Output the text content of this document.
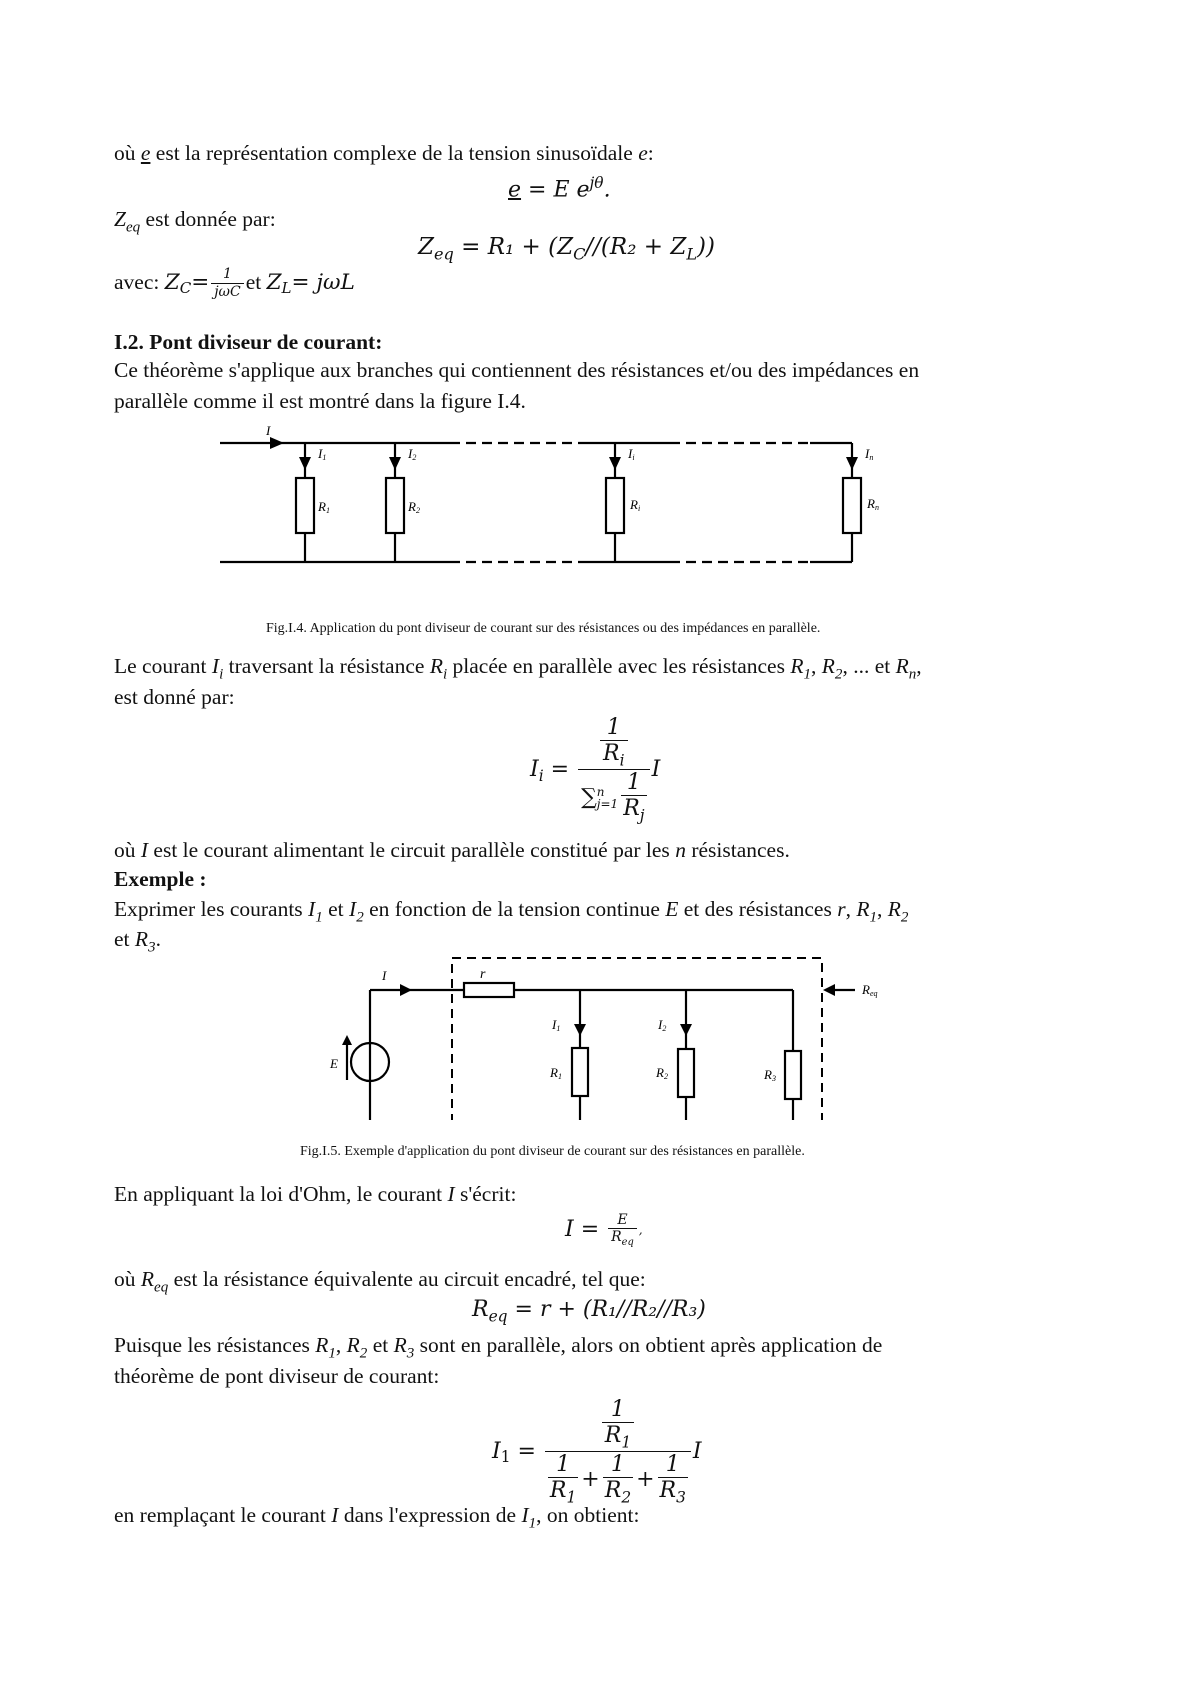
où e est la représentation complexe de la tension sinusoïdale e:
e = E $e^{j\theta}$.
$Z_{eq}$ est donnée par:
$Z_{eq} = R_1 + (Z_C//(R_2 + Z_L))$
avec:
$Z_C = \frac{1}{\text{jωC}}$ et
$Z_L = j\omega L$
I.2. Pont diviseur de courant:
Ce théorème s'applique aux branches qui contiennent des résistances et/ou des impédances en
parallèle comme il est montré dans la figure I.4.
I
I1	I2	Ii	In
R1	R2	Ri	Rn
Fig.I.4. Application du pont diviseur de courant sur des résistances ou des impédances en parallèle.
Le courant $I_i$ traversant la résistance $R_i$ placée en parallèle avec les résistances $R_1$, $R_2$, ... et $R_n$,
est donné par:
$I_i = \frac{1}{R_i}$
∑ n
j=1
1
$R_j$ I
où I est le courant alimentant le circuit parallèle constitué par les n résistances.
Exemple :
Exprimer les courants $I_1$ et $I_2$ en fonction de la tension continue E et des résistances r, $R_1$, $R_2$
et $R_3$.
I	r
E
I1	I2
R1	R2	R3
Req
Fig.I.5. Exemple d'application du pont diviseur de courant sur des résistances en parallèle.
En appliquant la loi d'Ohm, le courant I s'écrit:
$I = \frac{E}{R_{eq}}$ ,
où $R_{eq}$ est la résistance équivalente au circuit encadré, tel que:
$R_{eq} = r + (R_1//R_2//R_3)$
Puisque les résistances $R_1$, $R_2$ et $R_3$ sont en parallèle, alors on obtient après application de
théorème de pont diviseur de courant:
$I_1 = 1$
$R_1$
1
$R_1$
+ $\frac{1}{R_2} + \frac{1}{R_3}$ I
en remplaçant le courant I dans l'expression de $I_1$, on obtient:
